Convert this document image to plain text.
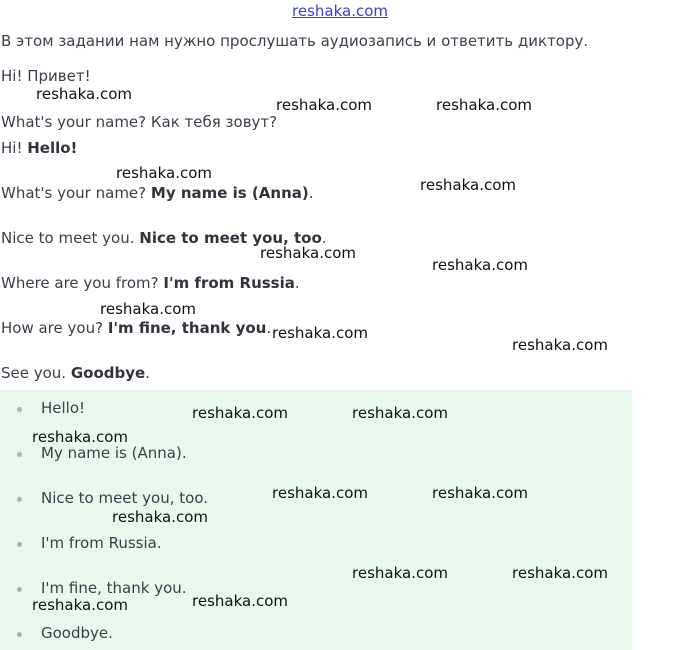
reshaka.com
В этом задании нам нужно прослушать аудиозапись и ответить диктору.
Hi! Привет!
What's your name? Как тебя зовут?
Hi! Hello!
What's your name? My name is (Anna).
Nice to meet you. Nice to meet you, too.
Where are you from? I'm from Russia.
How are you? I'm fine, thank you.
See you. Goodbye.
Hello!
My name is (Anna).
Nice to meet you, too.
I'm from Russia.
I'm fine, thank you.
Goodbye.
reshaka.com
reshaka.com	reshaka.com
reshaka.com
reshaka.com
reshaka.com
reshaka.com
reshaka.com
reshaka.com
reshaka.com
reshaka.com	reshaka.com
reshaka.com
reshaka.com	reshaka.com
reshaka.com
reshaka.com	reshaka.com
reshaka.com
reshaka.com
